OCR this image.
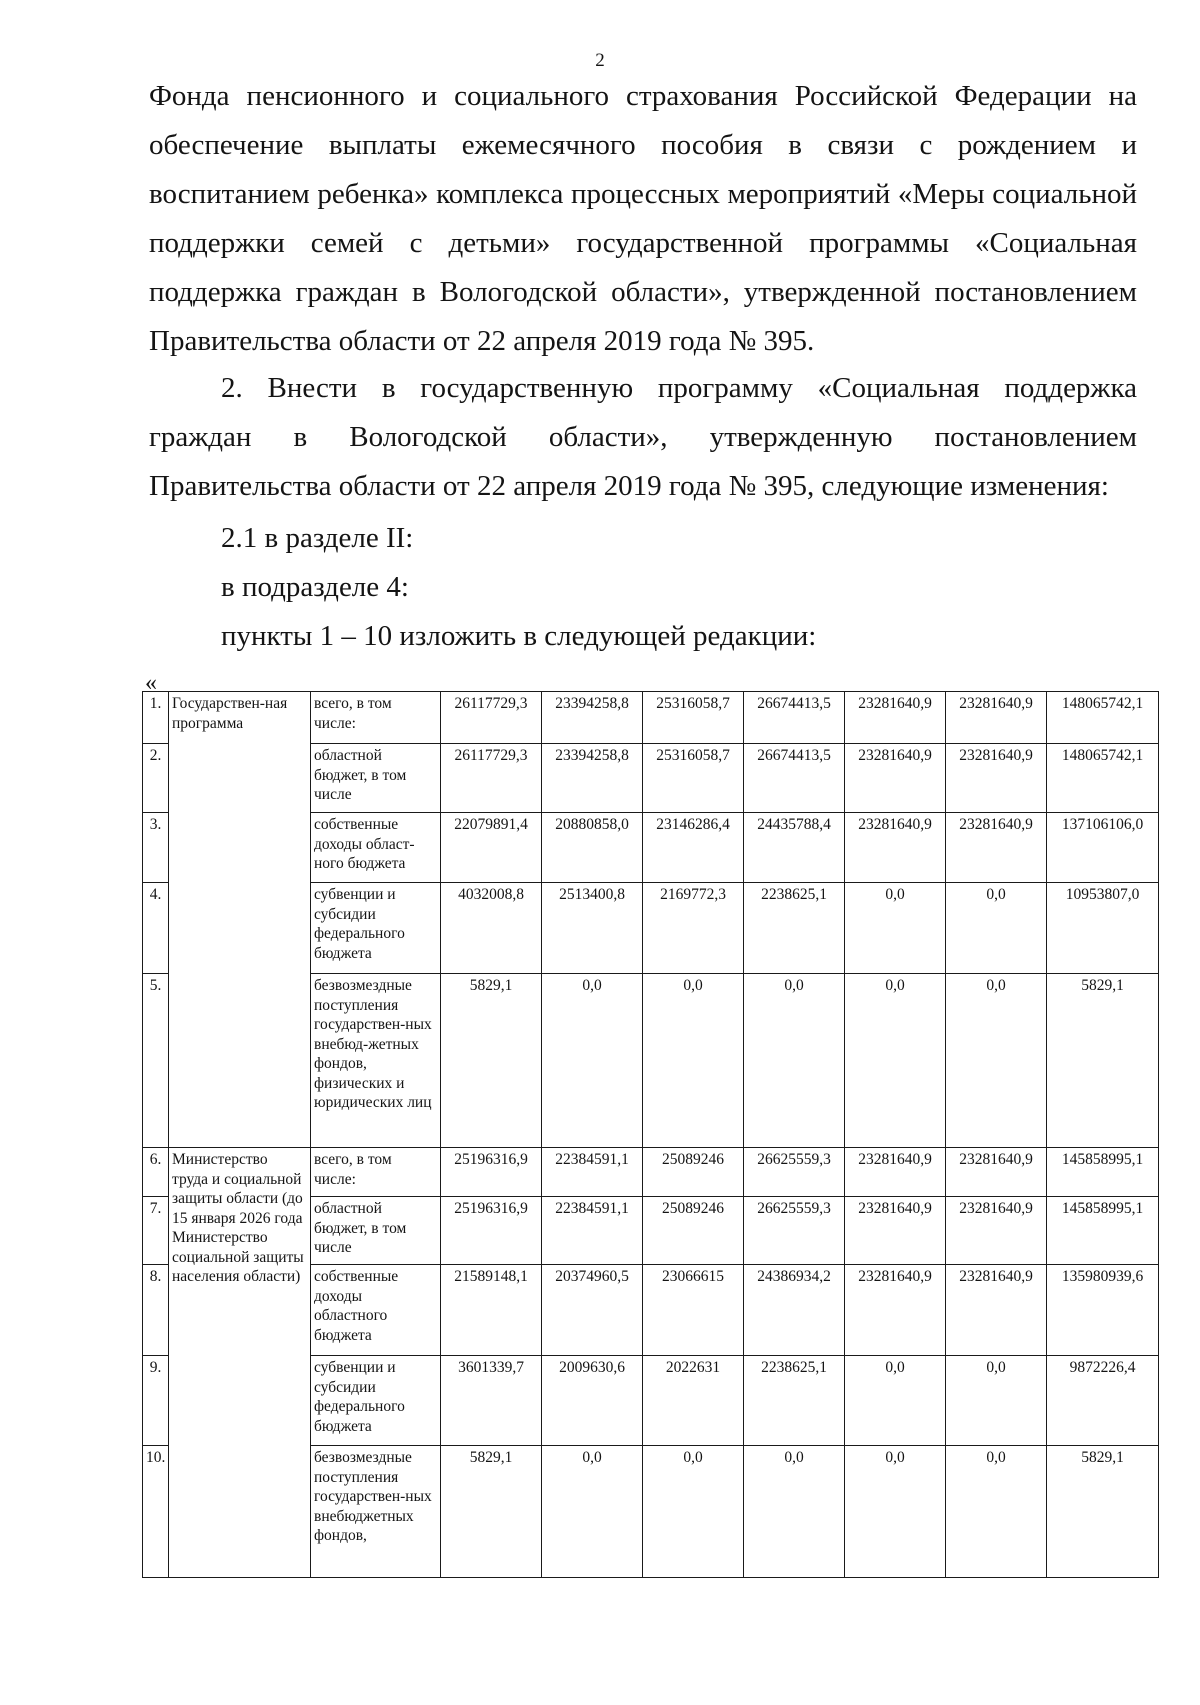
2

Фонда пенсионного и социального страхования Российской Федерации на обеспечение выплаты ежемесячного пособия в связи с рождением и воспитанием ребенка» комплекса процессных мероприятий «Меры социальной поддержки семей с детьми» государственной программы «Социальная поддержка граждан в Вологодской области», утвержденной постановлением Правительства области от 22 апреля 2019 года № 395.

2. Внести в государственную программу «Социальная поддержка граждан в Вологодской области», утвержденную постановлением Правительства области от 22 апреля 2019 года № 395, следующие изменения:

2.1 в разделе II:
в подразделе 4:
пункты 1 – 10 изложить в следующей редакции:
«
1.	Государствен-ная программа	всего, в том числе:	26117729,3	23394258,8	25316058,7	26674413,5	23281640,9	23281640,9	148065742,1
2.		областной бюджет, в том числе	26117729,3	23394258,8	25316058,7	26674413,5	23281640,9	23281640,9	148065742,1
3.		собственные доходы област-ного бюджета	22079891,4	20880858,0	23146286,4	24435788,4	23281640,9	23281640,9	137106106,0
4.		субвенции и субсидии федерального бюджета	4032008,8	2513400,8	2169772,3	2238625,1	0,0	0,0	10953807,0
5.		безвозмездные поступления государствен-ных внебюд-жетных фондов, физических и юридических лиц	5829,1	0,0	0,0	0,0	0,0	0,0	5829,1
6.	Министерство труда и социальной защиты области (до 15 января 2026 года Министерство социальной защиты населения области)	всего, в том числе:	25196316,9	22384591,1	25089246	26625559,3	23281640,9	23281640,9	145858995,1
7.		областной бюджет, в том числе	25196316,9	22384591,1	25089246	26625559,3	23281640,9	23281640,9	145858995,1
8.		собственные доходы областного бюджета	21589148,1	20374960,5	23066615	24386934,2	23281640,9	23281640,9	135980939,6
9.		субвенции и субсидии федерального бюджета	3601339,7	2009630,6	2022631	2238625,1	0,0	0,0	9872226,4
10.		безвозмездные поступления государствен-ных внебюджетных фондов,	5829,1	0,0	0,0	0,0	0,0	0,0	5829,1
